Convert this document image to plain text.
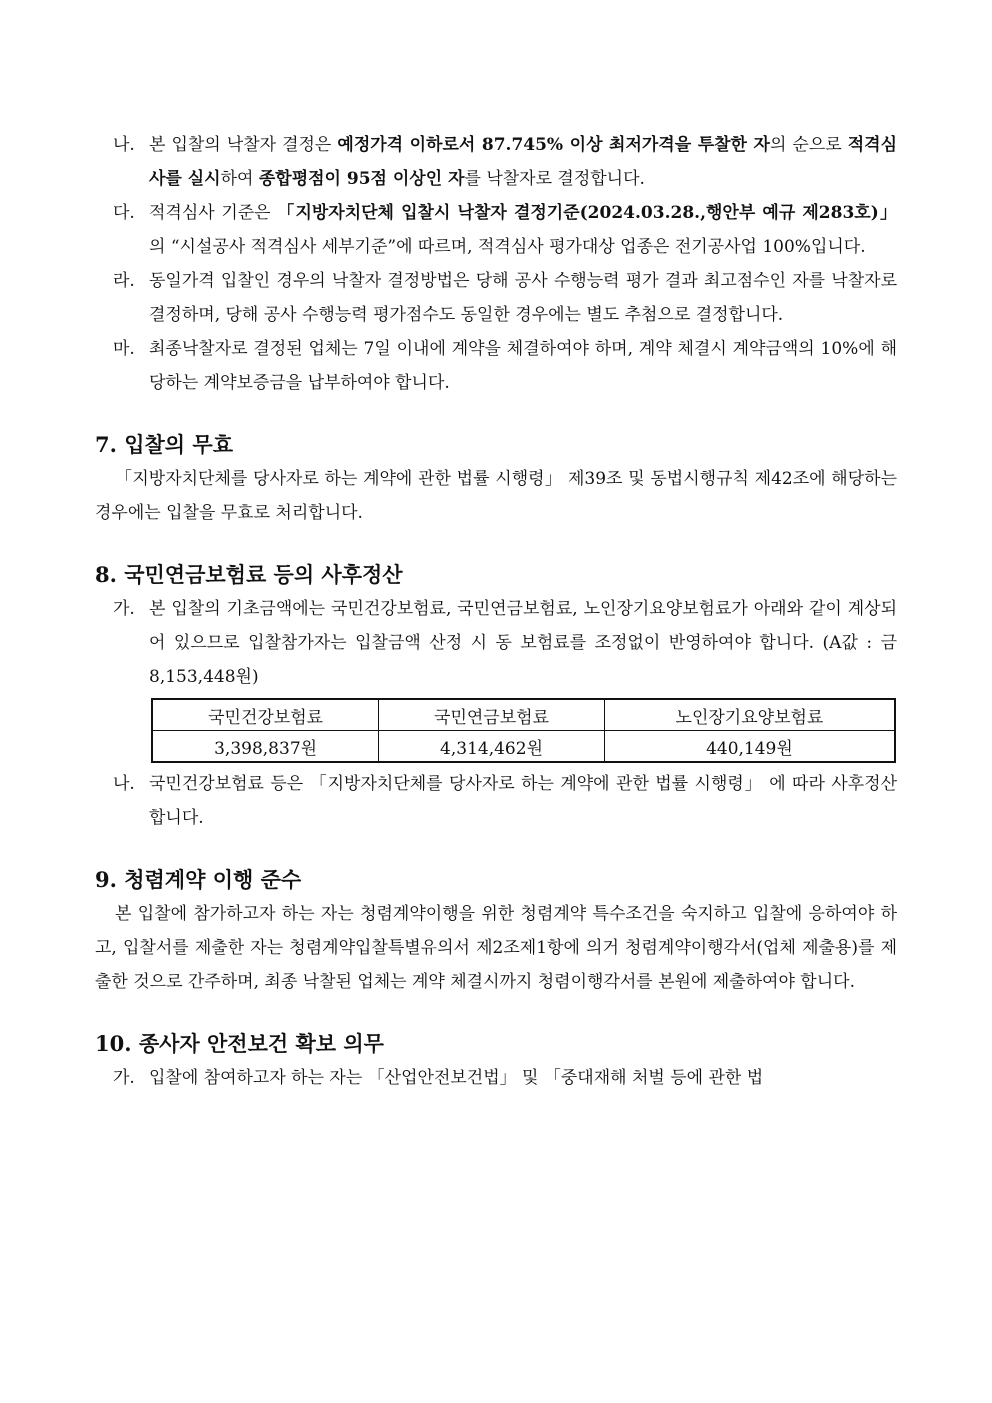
나. 본 입찰의 낙찰자 결정은 예정가격 이하로서 87.745% 이상 최저가격을 투찰한 자의 순으로 적격심사를 실시하여 종합평점이 95점 이상인 자를 낙찰자로 결정합니다.

다. 적격심사 기준은 「지방자치단체 입찰시 낙찰자 결정기준(2024.03.28.,행안부 예규 제283호)」 의 “시설공사 적격심사 세부기준”에 따르며, 적격심사 평가대상 업종은 전기공사업 100%입니다.

라. 동일가격 입찰인 경우의 낙찰자 결정방법은 당해 공사 수행능력 평가 결과 최고점수인 자를 낙찰자로 결정하며, 당해 공사 수행능력 평가점수도 동일한 경우에는 별도 추첨으로 결정합니다.

마. 최종낙찰자로 결정된 업체는 7일 이내에 계약을 체결하여야 하며, 계약 체결시 계약금액의 10%에 해당하는 계약보증금을 납부하여야 합니다.

7. 입찰의 무효

「지방자치단체를 당사자로 하는 계약에 관한 법률 시행령」 제39조 및 동법시행규칙 제42조에 해당하는 경우에는 입찰을 무효로 처리합니다.

8. 국민연금보험료 등의 사후정산

가. 본 입찰의 기초금액에는 국민건강보험료, 국민연금보험료, 노인장기요양보험료가 아래와 같이 계상되어 있으므로 입찰참가자는 입찰금액 산정 시 동 보험료를 조정없이 반영하여야 합니다. (A값 : 금8,153,448원)

국민건강보험료	국민연금보험료	노인장기요양보험료
3,398,837원	4,314,462원	440,149원

나. 국민건강보험료 등은 「지방자치단체를 당사자로 하는 계약에 관한 법률 시행령」 에 따라 사후정산 합니다.

9. 청렴계약 이행 준수

본 입찰에 참가하고자 하는 자는 청렴계약이행을 위한 청렴계약 특수조건을 숙지하고 입찰에 응하여야 하고, 입찰서를 제출한 자는 청렴계약입찰특별유의서 제2조제1항에 의거 청렴계약이행각서(업체 제출용)를 제출한 것으로 간주하며, 최종 낙찰된 업체는 계약 체결시까지 청렴이행각서를 본원에 제출하여야 합니다.

10. 종사자 안전보건 확보 의무

가. 입찰에 참여하고자 하는 자는 「산업안전보건법」 및 「중대재해 처벌 등에 관한 법
